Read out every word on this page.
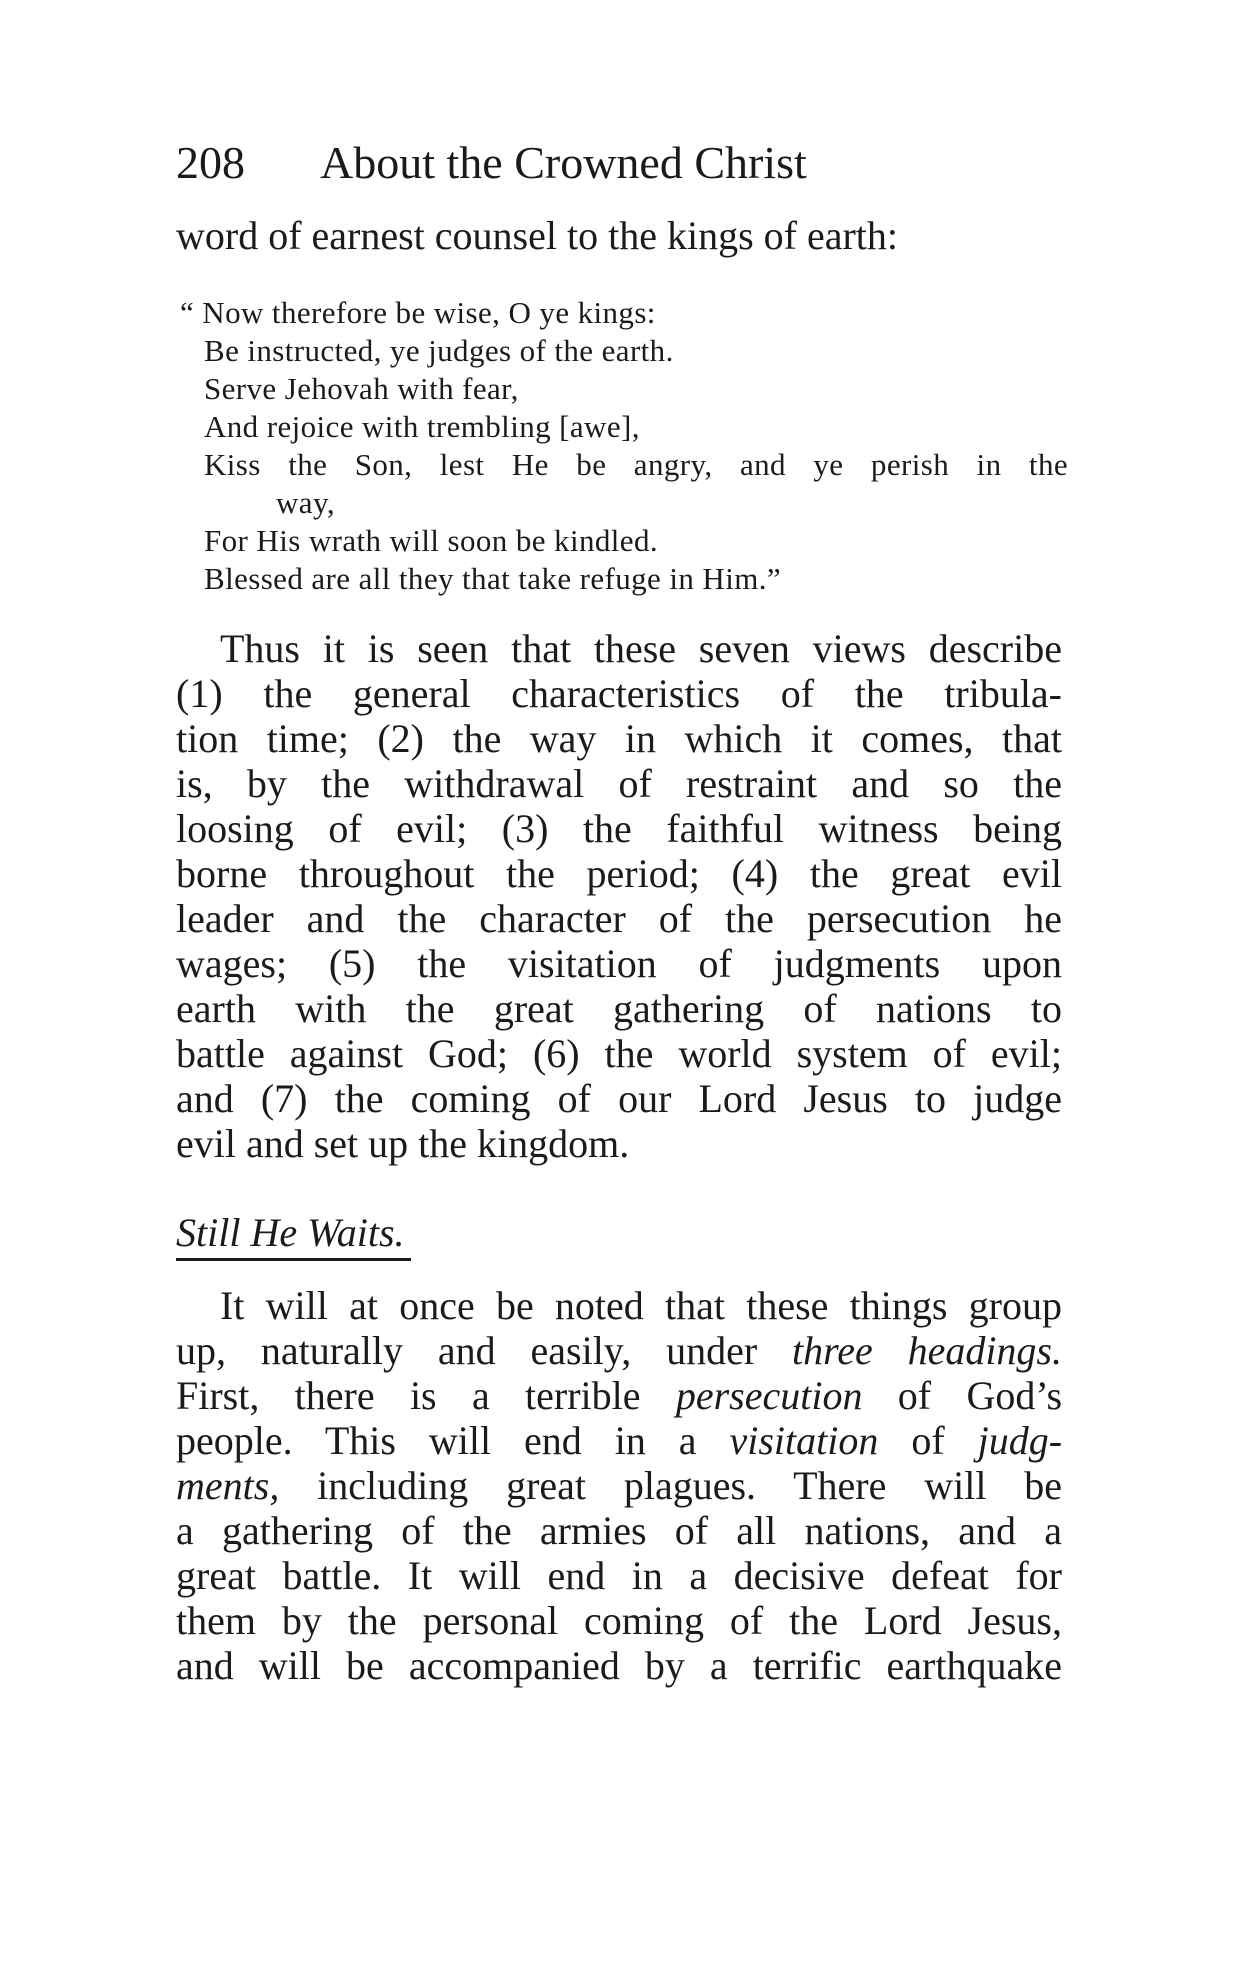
208 About the Crowned Christ
word of earnest counsel to the kings of earth:
“ Now therefore be wise, O ye kings:
Be instructed, ye judges of the earth.
Serve Jehovah with fear,
And rejoice with trembling [awe],
Kiss the Son, lest He be angry, and ye perish in the
way,
For His wrath will soon be kindled.
Blessed are all they that take refuge in Him.”
Thus it is seen that these seven views describe
(1) the general characteristics of the tribula-
tion time; (2) the way in which it comes, that
is, by the withdrawal of restraint and so the
loosing of evil; (3) the faithful witness being
borne throughout the period; (4) the great evil
leader and the character of the persecution he
wages; (5) the visitation of judgments upon
earth with the great gathering of nations to
battle against God; (6) the world system of evil;
and (7) the coming of our Lord Jesus to judge
evil and set up the kingdom.
Still He Waits.
It will at once be noted that these things group
up, naturally and easily, under three headings.
First, there is a terrible persecution of God’s
people. This will end in a visitation of judg-
ments, including great plagues. There will be
a gathering of the armies of all nations, and a
great battle. It will end in a decisive defeat for
them by the personal coming of the Lord Jesus,
and will be accompanied by a terrific earthquake
